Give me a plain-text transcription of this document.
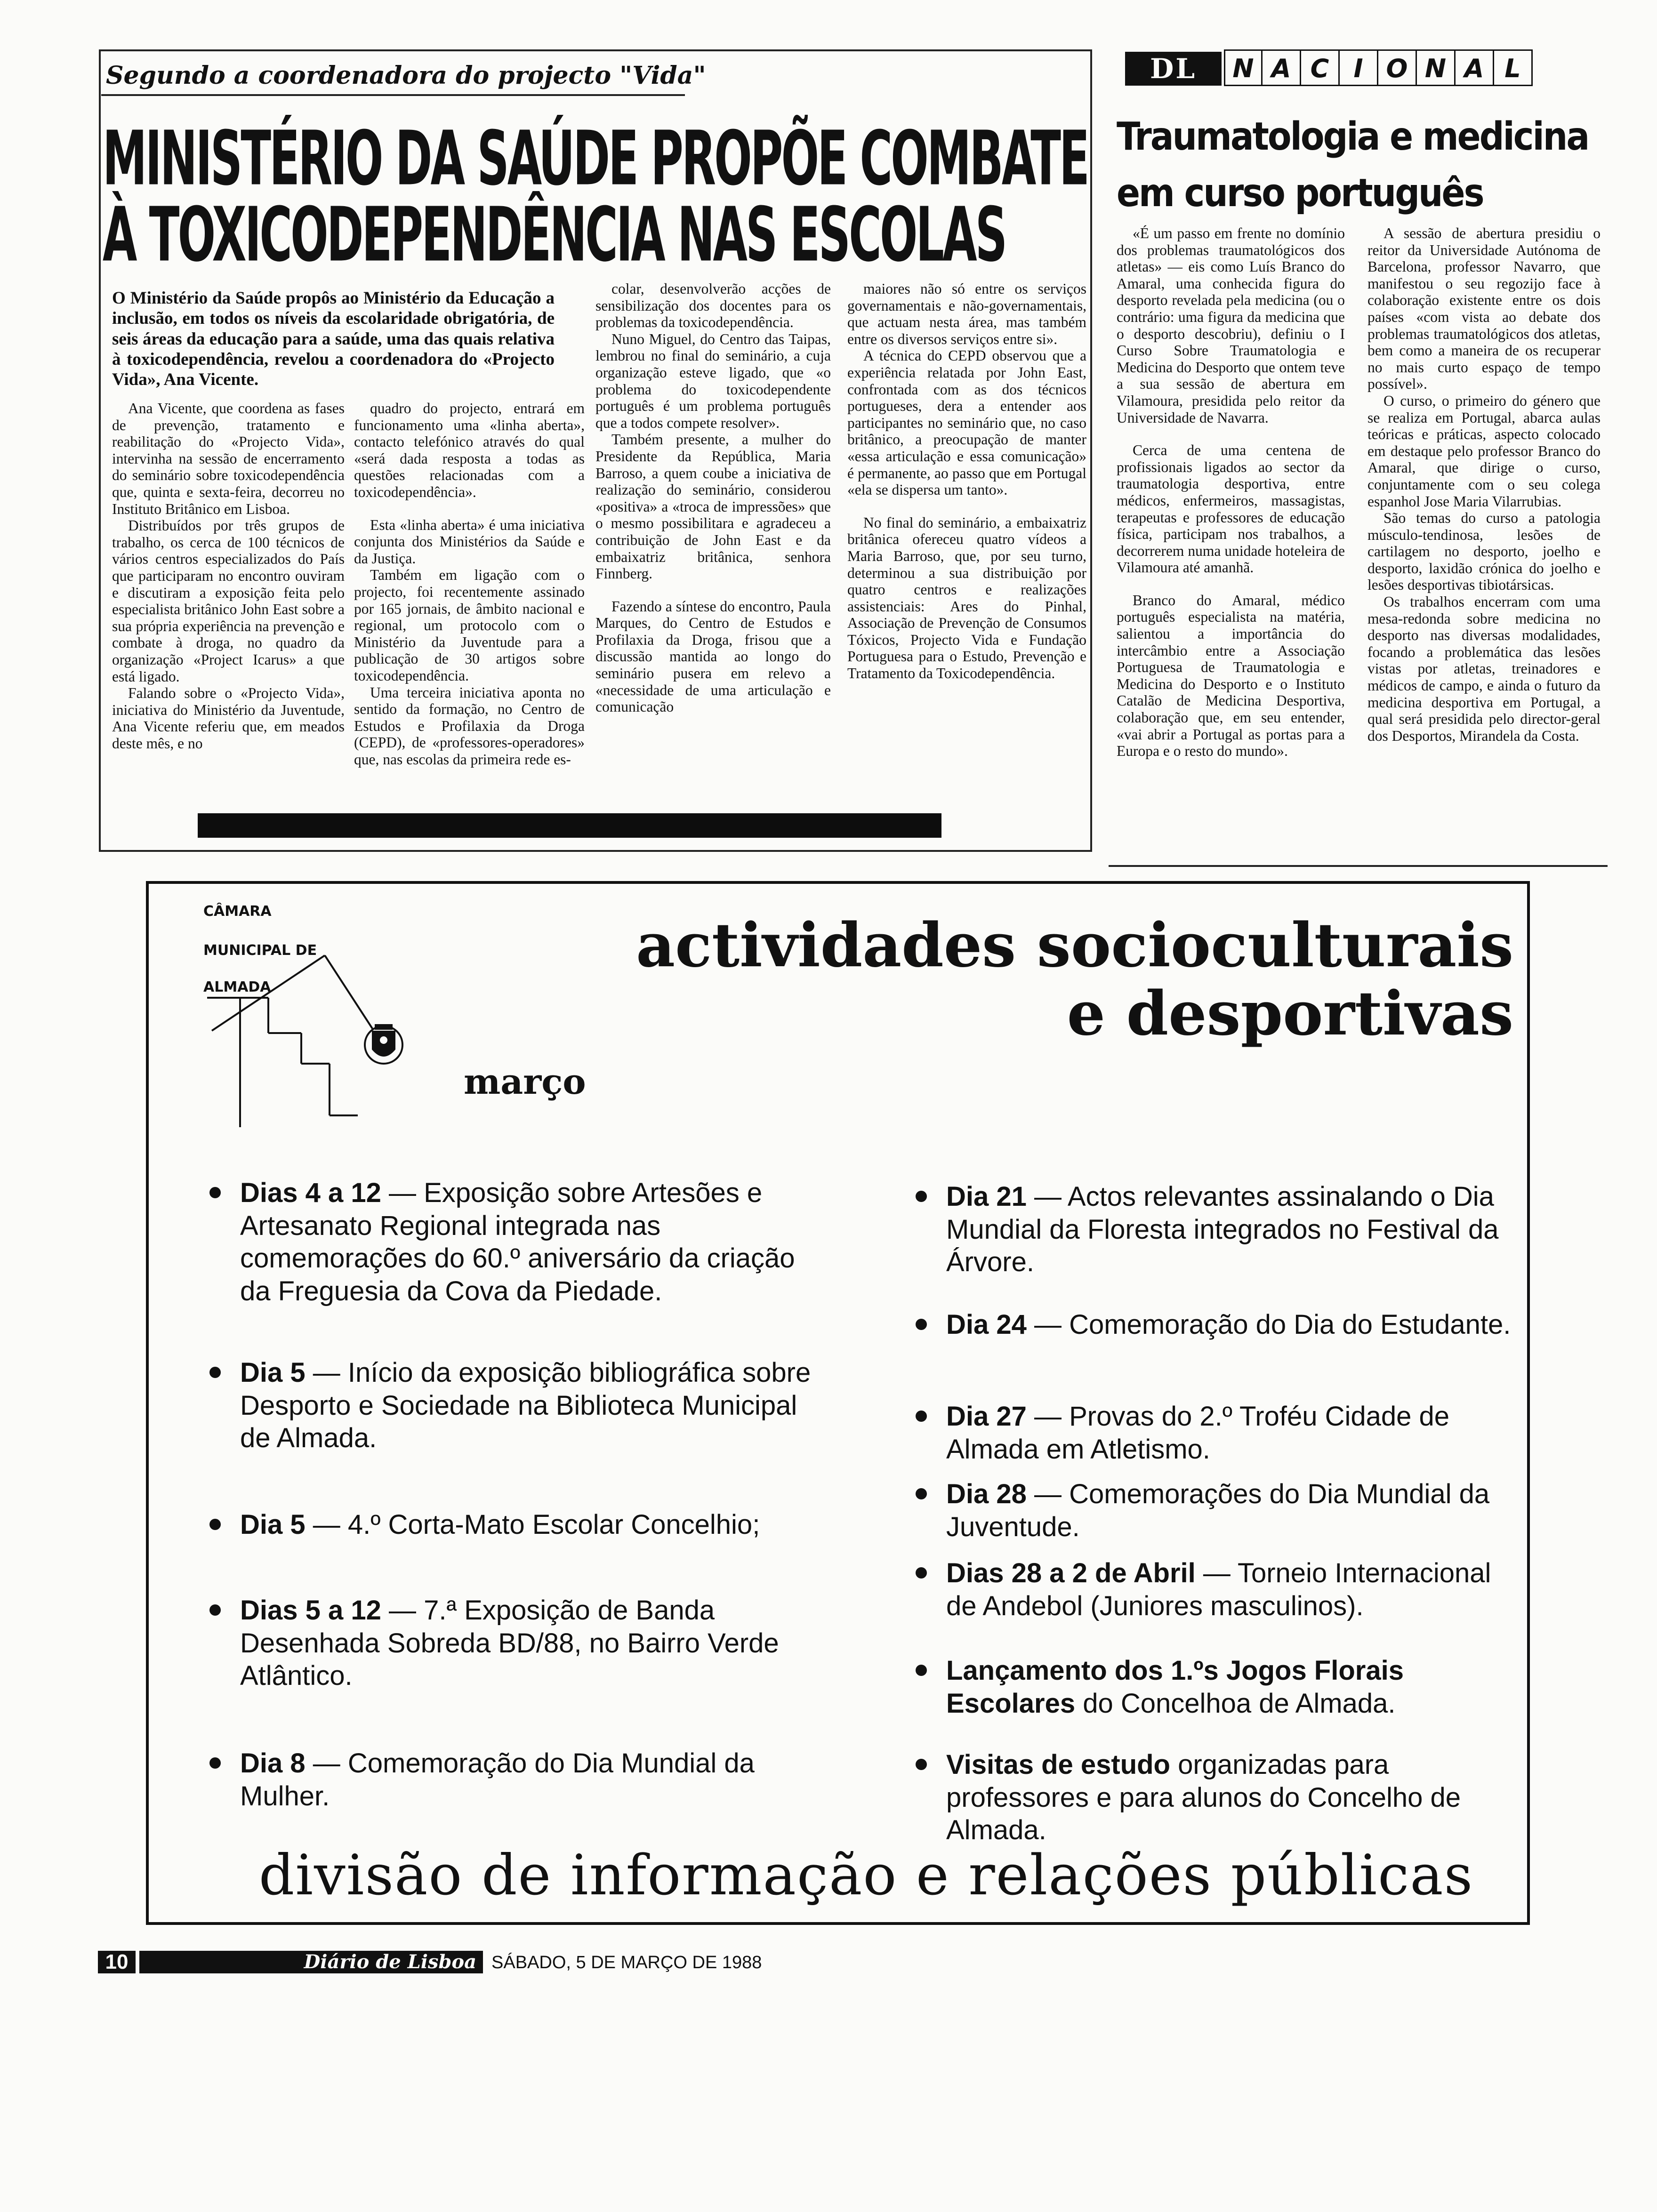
Segundo a coordenadora do projecto "Vida"
MINISTÉRIO DA SAÚDE PROPÕE COMBATE
À TOXICODEPENDÊNCIA NAS ESCOLAS
O Ministério da Saúde propôs ao Ministério da Educação a inclusão, em todos os níveis da escolaridade obrigatória, de seis áreas da educação para a saúde, uma das quais relativa à toxicodependência, revelou a coordenadora do «Projecto Vida», Ana Vicente.

Ana Vicente, que coordena as fases de prevenção, tratamento e reabilitação do «Projecto Vida», intervinha na sessão de encerramento do seminário sobre toxicodependência que, quinta e sexta-feira, decorreu no Instituto Britânico em Lisboa.

Distribuídos por três grupos de trabalho, os cerca de 100 técnicos de vários centros especializados do País que participaram no encontro ouviram e discutiram a exposição feita pelo especialista britânico John East sobre a sua própria experiência na prevenção e combate à droga, no quadro da organização «Project Icarus» a que está ligado.

Falando sobre o «Projecto Vida», iniciativa do Ministério da Juventude, Ana Vicente referiu que, em meados deste mês, e no

quadro do projecto, entrará em funcionamento uma «linha aberta», contacto telefónico através do qual «será dada resposta a todas as questões relacionadas com a toxicodependência».

Esta «linha aberta» é uma iniciativa conjunta dos Ministérios da Saúde e da Justiça.

Também em ligação com o projecto, foi recentemente assinado por 165 jornais, de âmbito nacional e regional, um protocolo com o Ministério da Juventude para a publicação de 30 artigos sobre toxicodependência.

Uma terceira iniciativa aponta no sentido da formação, no Centro de Estudos e Profilaxia da Droga (CEPD), de «professores-operadores» que, nas escolas da primeira rede es-

colar, desenvolverão acções de sensibilização dos docentes para os problemas da toxicodependência.

Nuno Miguel, do Centro das Taipas, lembrou no final do seminário, a cuja organização esteve ligado, que «o problema do toxicodependente português é um problema português que a todos compete resolver».

Também presente, a mulher do Presidente da República, Maria Barroso, a quem coube a iniciativa de realização do seminário, considerou «positiva» a «troca de impressões» que o mesmo possibilitara e agradeceu a contribuição de John East e da embaixatriz britânica, senhora Finnberg.

Fazendo a síntese do encontro, Paula Marques, do Centro de Estudos e Profilaxia da Droga, frisou que a discussão mantida ao longo do seminário pusera em relevo a «necessidade de uma articulação e comunicação

maiores não só entre os serviços governamentais e não-governamentais, que actuam nesta área, mas também entre os diversos serviços entre si».

A técnica do CEPD observou que a experiência relatada por John East, confrontada com as dos técnicos portugueses, dera a entender aos participantes no seminário que, no caso britânico, a preocupação de manter «essa articulação e essa comunicação» é permanente, ao passo que em Portugal «ela se dispersa um tanto».

No final do seminário, a embaixatriz britânica ofereceu quatro vídeos a Maria Barroso, que, por seu turno, determinou a sua distribuição por quatro centros e realizações assistenciais: Ares do Pinhal, Associação de Prevenção de Consumos Tóxicos, Projecto Vida e Fundação Portuguesa para o Estudo, Prevenção e Tratamento da Toxicodependência.

DL	N A C I O N A L
Traumatologia e medicina
em curso português

«É um passo em frente no domínio dos problemas traumatológicos dos atletas» — eis como Luís Branco do Amaral, uma conhecida figura do desporto revelada pela medicina (ou o contrário: uma figura da medicina que o desporto descobriu), definiu o I Curso Sobre Traumatologia e Medicina do Desporto que ontem teve a sua sessão de abertura em Vilamoura, presidida pelo reitor da Universidade de Navarra.

Cerca de uma centena de profissionais ligados ao sector da traumatologia desportiva, entre médicos, enfermeiros, massagistas, terapeutas e professores de educação física, participam nos trabalhos, a decorrerem numa unidade hoteleira de Vilamoura até amanhã.

Branco do Amaral, médico português especialista na matéria, salientou a importância do intercâmbio entre a Associação Portuguesa de Traumatologia e Medicina do Desporto e o Instituto Catalão de Medicina Desportiva, colaboração que, em seu entender, «vai abrir a Portugal as portas para a Europa e o resto do mundo».

A sessão de abertura presidiu o reitor da Universidade Autónoma de Barcelona, professor Navarro, que manifestou o seu regozijo face à colaboração existente entre os dois países «com vista ao debate dos problemas traumatológicos dos atletas, bem como a maneira de os recuperar no mais curto espaço de tempo possível».

O curso, o primeiro do género que se realiza em Portugal, abarca aulas teóricas e práticas, aspecto colocado em destaque pelo professor Branco do Amaral, que dirige o curso, conjuntamente com o seu colega espanhol Jose Maria Vilarrubias.

São temas do curso a patologia músculo-tendinosa, lesões de cartilagem no desporto, joelho e desporto, laxidão crónica do joelho e lesões desportivas tibiotársicas.

Os trabalhos encerram com uma mesa-redonda sobre medicina no desporto nas diversas modalidades, focando a problemática das lesões vistas por atletas, treinadores e médicos de campo, e ainda o futuro da medicina desportiva em Portugal, a qual será presidida pelo director-geral dos Desportos, Mirandela da Costa.

CÂMARA
MUNICIPAL DE
ALMADA
março
actividades socioculturais
e desportivas
Dias 4 a 12 — Exposição sobre Artesões e Artesanato Regional integrada nas comemorações do 60.º aniversário da criação da Freguesia da Cova da Piedade.
Dia 5 — Início da exposição bibliográfica sobre Desporto e Sociedade na Biblioteca Municipal de Almada.
Dia 5 — 4.º Corta-Mato Escolar Concelhio;
Dias 5 a 12 — 7.ª Exposição de Banda Desenhada Sobreda BD/88, no Bairro Verde Atlântico.
Dia 8 — Comemoração do Dia Mundial da Mulher.
Dia 21 — Actos relevantes assinalando o Dia Mundial da Floresta integrados no Festival da Árvore.
Dia 24 — Comemoração do Dia do Estudante.
Dia 27 — Provas do 2.º Troféu Cidade de Almada em Atletismo.
Dia 28 — Comemorações do Dia Mundial da Juventude.
Dias 28 a 2 de Abril — Torneio Internacional de Andebol (Juniores masculinos).
Lançamento dos 1.ºs Jogos Florais Escolares do Concelhoa de Almada.
Visitas de estudo organizadas para professores e para alunos do Concelho de Almada.
divisão de informação e relações públicas
10	Diário de Lisboa SÁBADO, 5 DE MARÇO DE 1988
